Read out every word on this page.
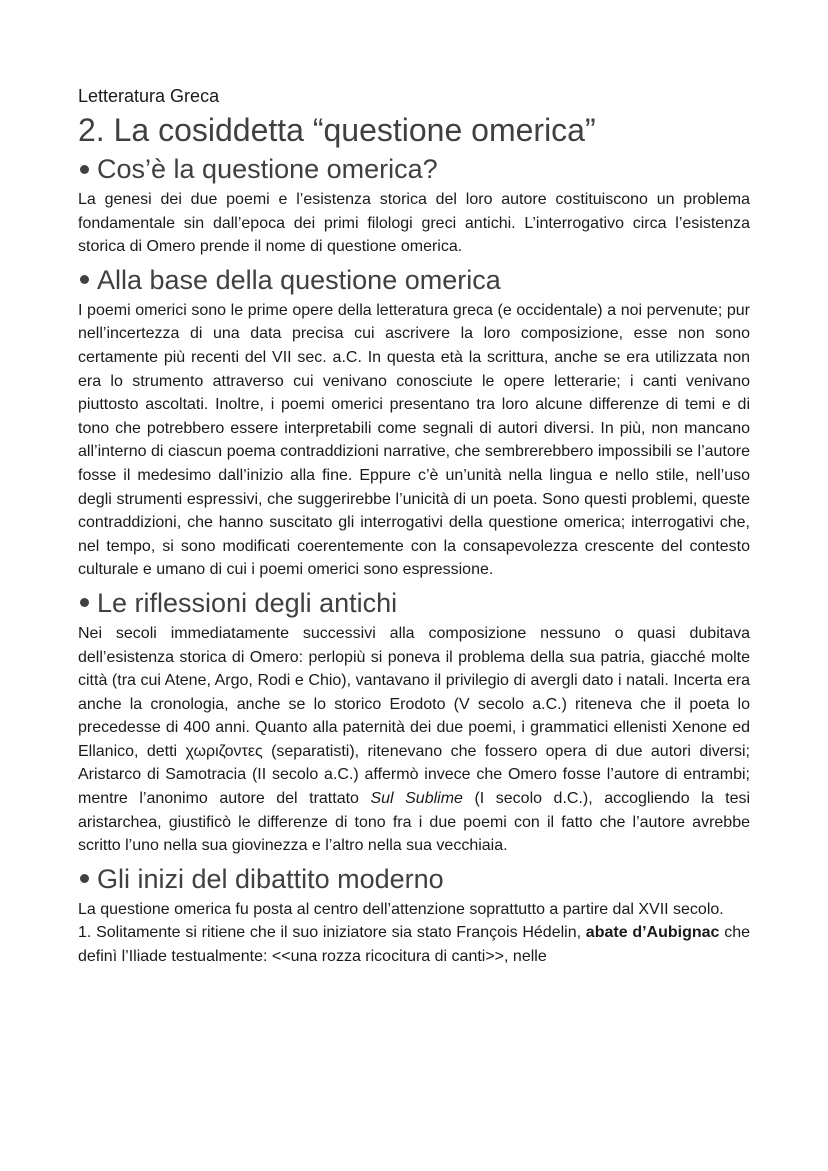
Letteratura Greca
2. La cosiddetta “questione omerica”
Cos’è la questione omerica?

La genesi dei due poemi e l’esistenza storica del loro autore costituiscono un problema fondamentale sin dall’epoca dei primi filologi greci antichi. L’interrogativo circa l’esistenza storica di Omero prende il nome di questione omerica.

Alla base della questione omerica

I poemi omerici sono le prime opere della letteratura greca (e occidentale) a noi pervenute; pur nell’incertezza di una data precisa cui ascrivere la loro composizione, esse non sono certamente più recenti del VII sec. a.C. In questa età la scrittura, anche se era utilizzata non era lo strumento attraverso cui venivano conosciute le opere letterarie; i canti venivano piuttosto ascoltati. Inoltre, i poemi omerici presentano tra loro alcune differenze di temi e di tono che potrebbero essere interpretabili come segnali di autori diversi. In più, non mancano all’interno di ciascun poema contraddizioni narrative, che sembrerebbero impossibili se l’autore fosse il medesimo dall’inizio alla fine. Eppure c’è un’unità nella lingua e nello stile, nell’uso degli strumenti espressivi, che suggerirebbe l’unicità di un poeta. Sono questi problemi, queste contraddizioni, che hanno suscitato gli interrogativi della questione omerica; interrogativi che, nel tempo, si sono modificati coerentemente con la consapevolezza crescente del contesto culturale e umano di cui i poemi omerici sono espressione.

Le riflessioni degli antichi

Nei secoli immediatamente successivi alla composizione nessuno o quasi dubitava dell’esistenza storica di Omero: perlopiù si poneva il problema della sua patria, giacché molte città (tra cui Atene, Argo, Rodi e Chio), vantavano il privilegio di avergli dato i natali. Incerta era anche la cronologia, anche se lo storico Erodoto (V secolo a.C.) riteneva che il poeta lo precedesse di 400 anni. Quanto alla paternità dei due poemi, i grammatici ellenisti Xenone ed Ellanico, detti χωριζοντες (separatisti), ritenevano che fossero opera di due autori diversi; Aristarco di Samotracia (II secolo a.C.) affermò invece che Omero fosse l’autore di entrambi; mentre l’anonimo autore del trattato Sul Sublime (I secolo d.C.), accogliendo la tesi aristarchea, giustificò le differenze di tono fra i due poemi con il fatto che l’autore avrebbe scritto l’uno nella sua giovinezza e l’altro nella sua vecchiaia.

Gli inizi del dibattito moderno

La questione omerica fu posta al centro dell’attenzione soprattutto a partire dal XVII secolo.

1. Solitamente si ritiene che il suo iniziatore sia stato François Hédelin, abate d’Aubignac che definì l’Iliade testualmente: <<una rozza ricocitura di canti>>, nelle
